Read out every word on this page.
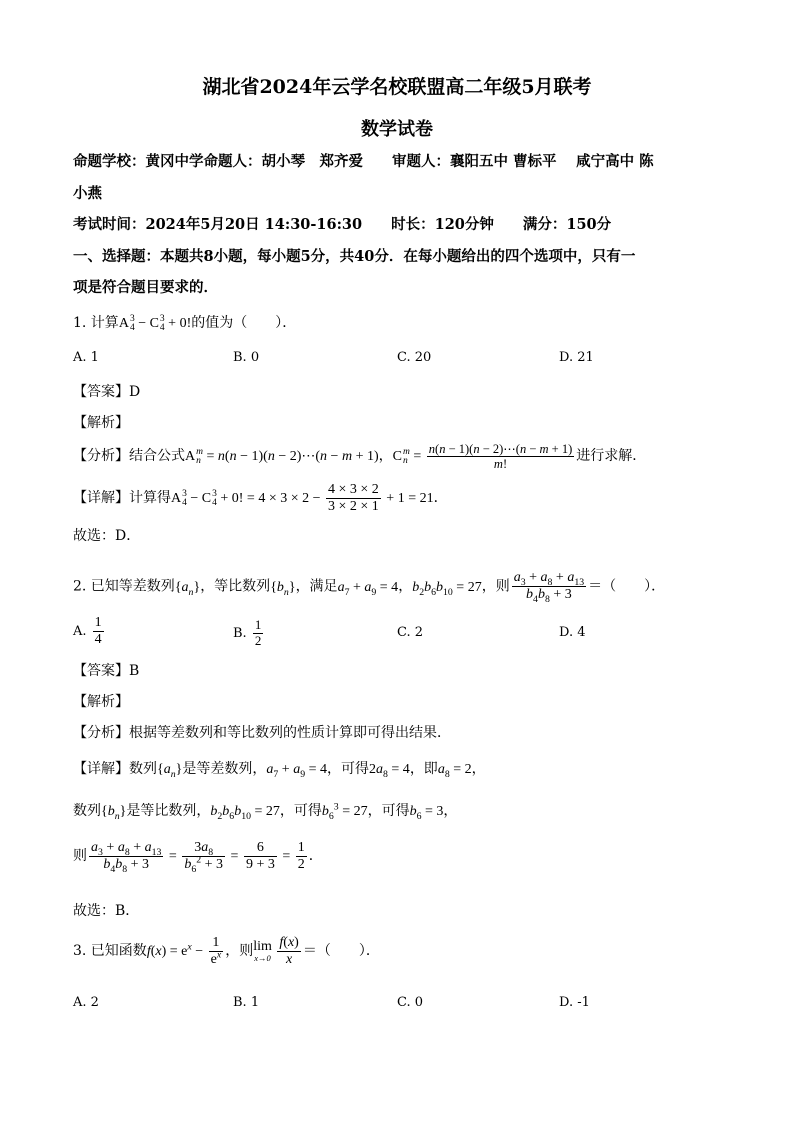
湖北省2024年云学名校联盟高二年级5月联考
数学试卷
命题学校：黄冈中学命题人：胡小琴　郑齐爱　　审题人：襄阳五中 曹标平　 咸宁高中 陈
小燕
考试时间：2024年5月20日 14:30-16:30　　时长：120分钟　　满分：150分
一、选择题：本题共8小题，每小题5分，共40分．在每小题给出的四个选项中，只有一
项是符合题目要求的．
1. 计算A 3
4 − C 3
4 + 0!的值为（　　）．
A. 1	B. 0	C. 20	D. 21
【答案】D
【解析】
【分析】结合公式A m
n = n(n − 1)(n − 2)⋯(n − m + 1)，C m
$n = \frac{n(n - 1)(n - 2)\cdots(n - m + 1)}{m!}$ 进行求解．
【详解】计算得A 3
4 − C 3
4 + 0! = $4 \times 3 \times 2 - \frac{4 \times 3 \times 2}{3 \times 2 \times 1} + 1 = 21$．
故选：D．
2. 已知等差数列$\{a_n\}$，等比数列$\{b_n\}$，满足$a_7 + a_9 = 4$，$b_2b_6b_{10} = 27$，则 $\frac{a_3 + a_8 + a_{13}}{b_4b_8 + 3}$ ＝（　　）．
A. $\frac{1}{4}$	B. $\frac{1}{2}$	C. 2	D. 4
【答案】B
【解析】
【分析】根据等差数列和等比数列的性质计算即可得出结果．
【详解】数列$\{a_n\}$是等差数列，$a_7 + a_9 = 4$，可得$2a_8 = 4$，即$a_8 = 2$，
数列$\{b_n\}$是等比数列，$b_2b_6b_{10} = 27$，可得$b_6^3 = 27$，可得$b_6 = 3$，
则 $\frac{a_3 + a_8 + a_{13}}{b_4b_8 + 3} = \frac{3a_8}{b_6^2 + 3} = \frac{6}{9 + 3} = \frac{1}{2}$ ．
故选：B．
3. 已知函数$f(x) = e^x - \frac{1}{e^x}$ ，则 lim
x→0
$\frac{f(x)}{x}$ ＝（　　）．
A. 2	B. 1	C. 0	D. -1
